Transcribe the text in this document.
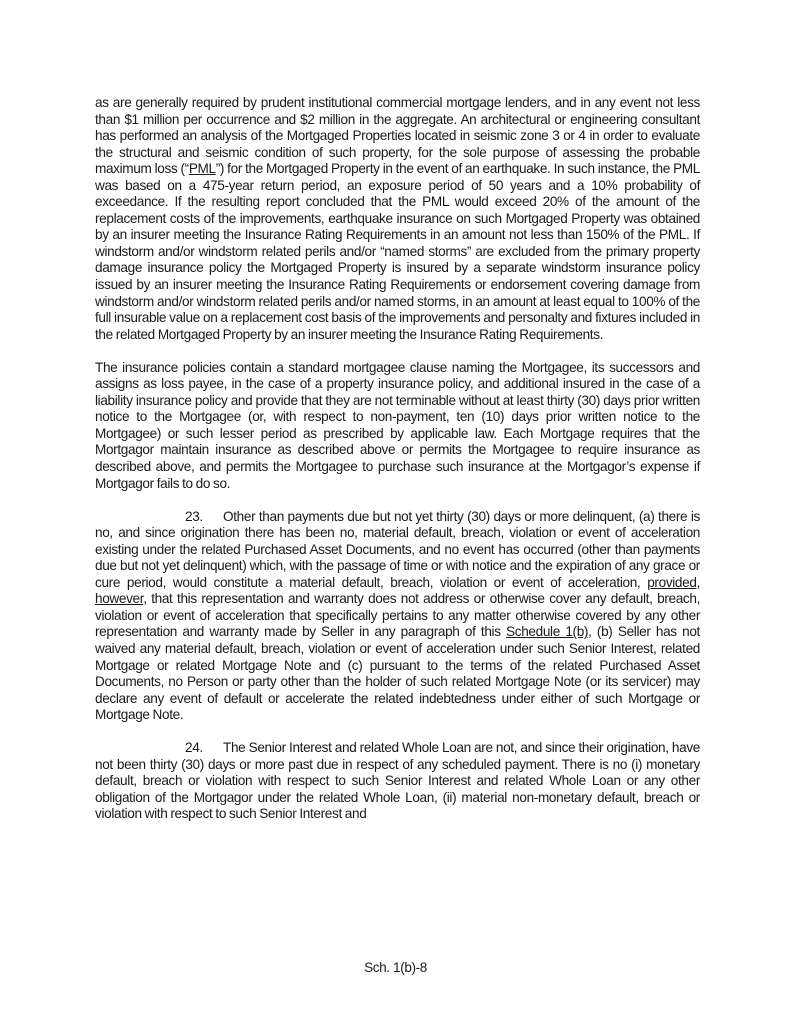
as are generally required by prudent institutional commercial mortgage lenders, and in any event not less than $1 million per occurrence and $2 million in the aggregate. An architectural or engineering consultant has performed an analysis of the Mortgaged Properties located in seismic zone 3 or 4 in order to evaluate the structural and seismic condition of such property, for the sole purpose of assessing the probable maximum loss (“PML”) for the Mortgaged Property in the event of an earthquake. In such instance, the PML was based on a 475-year return period, an exposure period of 50 years and a 10% probability of exceedance. If the resulting report concluded that the PML would exceed 20% of the amount of the replacement costs of the improvements, earthquake insurance on such Mortgaged Property was obtained by an insurer meeting the Insurance Rating Requirements in an amount not less than 150% of the PML. If windstorm and/or windstorm related perils and/or “named storms” are excluded from the primary property damage insurance policy the Mortgaged Property is insured by a separate windstorm insurance policy issued by an insurer meeting the Insurance Rating Requirements or endorsement covering damage from windstorm and/or windstorm related perils and/or named storms, in an amount at least equal to 100% of the full insurable value on a replacement cost basis of the improvements and personalty and fixtures included in the related Mortgaged Property by an insurer meeting the Insurance Rating Requirements.

The insurance policies contain a standard mortgagee clause naming the Mortgagee, its successors and assigns as loss payee, in the case of a property insurance policy, and additional insured in the case of a liability insurance policy and provide that they are not terminable without at least thirty (30) days prior written notice to the Mortgagee (or, with respect to non-payment, ten (10) days prior written notice to the Mortgagee) or such lesser period as prescribed by applicable law. Each Mortgage requires that the Mortgagor maintain insurance as described above or permits the Mortgagee to require insurance as described above, and permits the Mortgagee to purchase such insurance at the Mortgagor’s expense if Mortgagor fails to do so.

23. Other than payments due but not yet thirty (30) days or more delinquent, (a) there is no, and since origination there has been no, material default, breach, violation or event of acceleration existing under the related Purchased Asset Documents, and no event has occurred (other than payments due but not yet delinquent) which, with the passage of time or with notice and the expiration of any grace or cure period, would constitute a material default, breach, violation or event of acceleration, provided, however, that this representation and warranty does not address or otherwise cover any default, breach, violation or event of acceleration that specifically pertains to any matter otherwise covered by any other representation and warranty made by Seller in any paragraph of this Schedule 1(b), (b) Seller has not waived any material default, breach, violation or event of acceleration under such Senior Interest, related Mortgage or related Mortgage Note and (c) pursuant to the terms of the related Purchased Asset Documents, no Person or party other than the holder of such related Mortgage Note (or its servicer) may declare any event of default or accelerate the related indebtedness under either of such Mortgage or Mortgage Note.

24. The Senior Interest and related Whole Loan are not, and since their origination, have not been thirty (30) days or more past due in respect of any scheduled payment. There is no (i) monetary default, breach or violation with respect to such Senior Interest and related Whole Loan or any other obligation of the Mortgagor under the related Whole Loan, (ii) material non-monetary default, breach or violation with respect to such Senior Interest and

Sch. 1(b)-8
